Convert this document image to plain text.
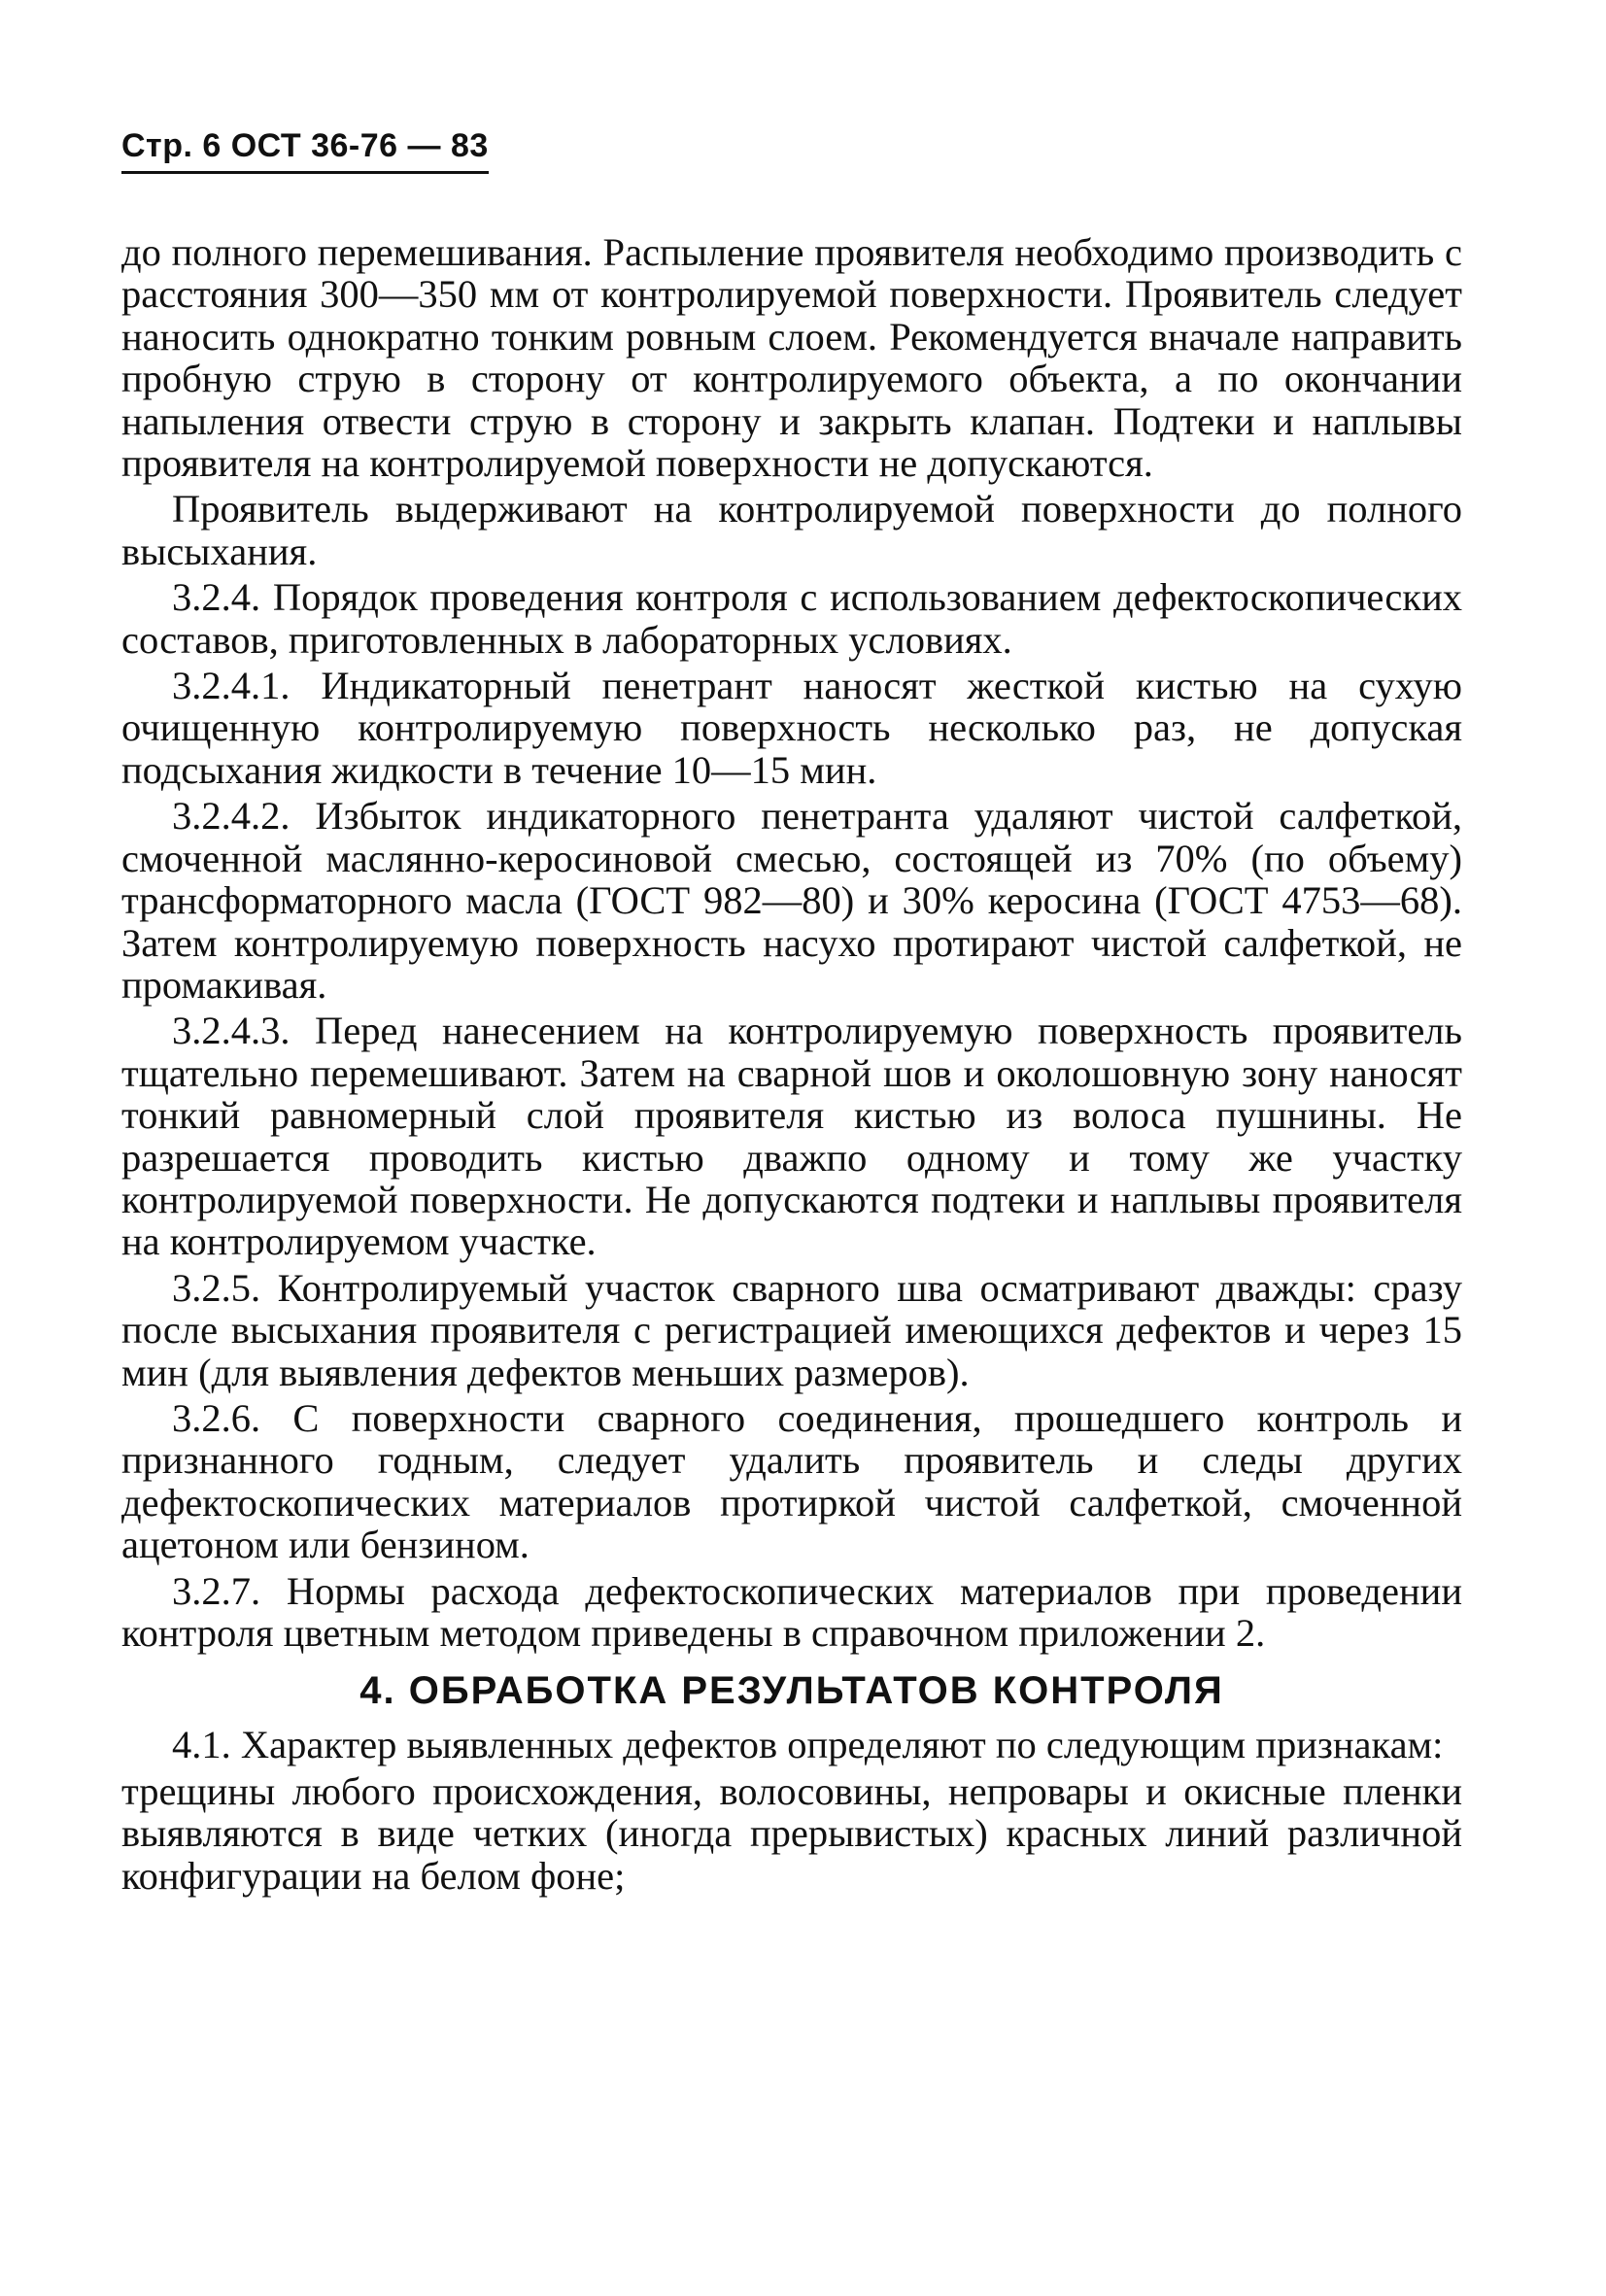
Стр. 6 ОСТ 36-76 — 83

до полного перемешивания. Распыление проявителя необходимо производить с расстояния 300—350 мм от контролируемой поверхности. Проявитель следует наносить однократно тонким ровным слоем. Рекомендуется вначале направить пробную струю в сторону от контролируемого объекта, а по окончании напыления отвести струю в сторону и закрыть клапан. Подтеки и наплывы проявителя на контролируемой поверхности не допускаются.

Проявитель выдерживают на контролируемой поверхности до полного высыхания.

3.2.4. Порядок проведения контроля с использованием дефектоскопических составов, приготовленных в лабораторных условиях.

3.2.4.1. Индикаторный пенетрант наносят жесткой кистью на сухую очищенную контролируемую поверхность несколько раз, не допуская подсыхания жидкости в течение 10—15 мин.

3.2.4.2. Избыток индикаторного пенетранта удаляют чистой салфеткой, смоченной маслянно-керосиновой смесью, состоящей из 70% (по объему) трансформаторного масла (ГОСТ 982—80) и 30% керосина (ГОСТ 4753—68). Затем контролируемую поверхность насухо протирают чистой салфеткой, не промакивая.

3.2.4.3. Перед нанесением на контролируемую поверхность проявитель тщательно перемешивают. Затем на сварной шов и околошовную зону наносят тонкий равномерный слой проявителя кистью из волоса пушнины. Не разрешается проводить кистью дважпо одному и тому же участку контролируемой поверхности. Не допускаются подтеки и наплывы проявителя на контролируемом участке.

3.2.5. Контролируемый участок сварного шва осматривают дважды: сразу после высыхания проявителя с регистрацией имеющихся дефектов и через 15 мин (для выявления дефектов меньших размеров).

3.2.6. С поверхности сварного соединения, прошедшего контроль и признанного годным, следует удалить проявитель и следы других дефектоскопических материалов протиркой чистой салфеткой, смоченной ацетоном или бензином.

3.2.7. Нормы расхода дефектоскопических материалов при проведении контроля цветным методом приведены в справочном приложении 2.

4. ОБРАБОТКА РЕЗУЛЬТАТОВ КОНТРОЛЯ

4.1. Характер выявленных дефектов определяют по следующим признакам:

трещины любого происхождения, волосовины, непровары и окисные пленки выявляются в виде четких (иногда прерывистых) красных линий различной конфигурации на белом фоне;
